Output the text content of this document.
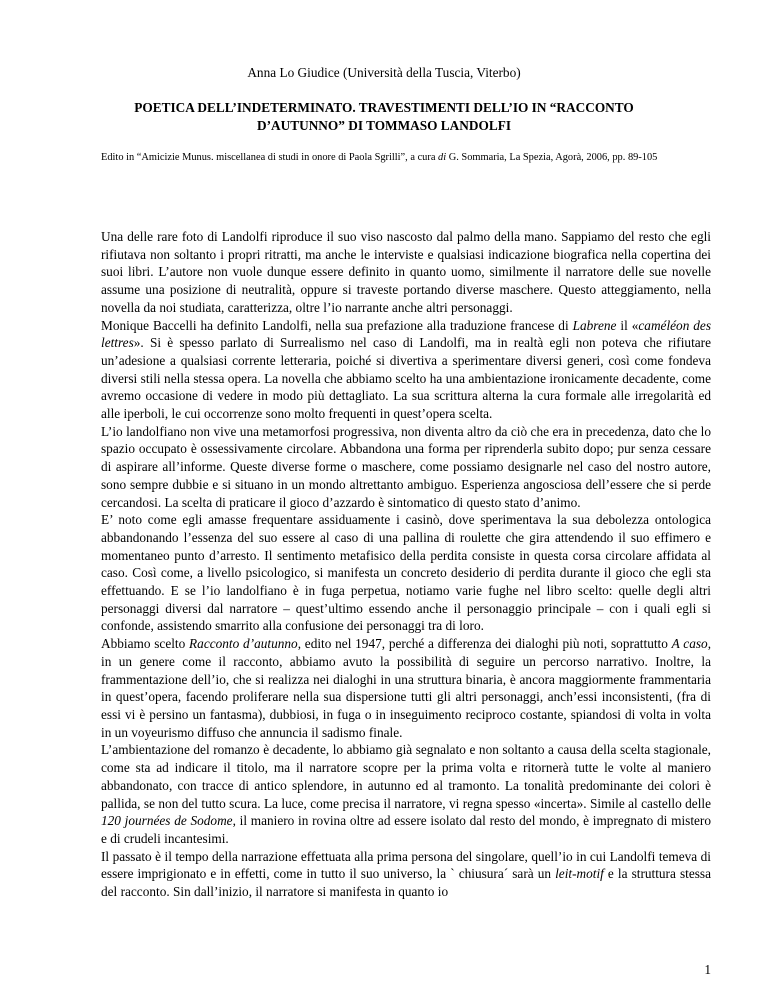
Anna Lo Giudice (Università della Tuscia, Viterbo)
POETICA DELL’INDETERMINATO. TRAVESTIMENTI DELL’IO IN “RACCONTO D’AUTUNNO” DI TOMMASO LANDOLFI
Edito in “Amicizie Munus. miscellanea di studi in onore di Paola Sgrilli”, a cura di G. Sommaria, La Spezia, Agorà, 2006, pp. 89-105

Una delle rare foto di Landolfi riproduce il suo viso nascosto dal palmo della mano. Sappiamo del resto che egli rifiutava non soltanto i propri ritratti, ma anche le interviste e qualsiasi indicazione biografica nella copertina dei suoi libri. L’autore non vuole dunque essere definito in quanto uomo, similmente il narratore delle sue novelle assume una posizione di neutralità, oppure si traveste portando diverse maschere. Questo atteggiamento, nella novella da noi studiata, caratterizza, oltre l’io narrante anche altri personaggi.

Monique Baccelli ha definito Landolfi, nella sua prefazione alla traduzione francese di Labrene il «caméléon des lettres». Si è spesso parlato di Surrealismo nel caso di Landolfi, ma in realtà egli non poteva che rifiutare un’adesione a qualsiasi corrente letteraria, poiché si divertiva a sperimentare diversi generi, così come fondeva diversi stili nella stessa opera. La novella che abbiamo scelto ha una ambientazione ironicamente decadente, come avremo occasione di vedere in modo più dettagliato. La sua scrittura alterna la cura formale alle irregolarità ed alle iperboli, le cui occorrenze sono molto frequenti in quest’opera scelta.

L’io landolfiano non vive una metamorfosi progressiva, non diventa altro da ciò che era in precedenza, dato che lo spazio occupato è ossessivamente circolare. Abbandona una forma per riprenderla subito dopo; pur senza cessare di aspirare all’informe. Queste diverse forme o maschere, come possiamo designarle nel caso del nostro autore, sono sempre dubbie e si situano in un mondo altrettanto ambiguo. Esperienza angosciosa dell’essere che si perde cercandosi. La scelta di praticare il gioco d’azzardo è sintomatico di questo stato d’animo.

E’ noto come egli amasse frequentare assiduamente i casinò, dove sperimentava la sua debolezza ontologica abbandonando l’essenza del suo essere al caso di una pallina di roulette che gira attendendo il suo effimero e momentaneo punto d’arresto. Il sentimento metafisico della perdita consiste in questa corsa circolare affidata al caso. Così come, a livello psicologico, si manifesta un concreto desiderio di perdita durante il gioco che egli sta effettuando. E se l’io landolfiano è in fuga perpetua, notiamo varie fughe nel libro scelto: quelle degli altri personaggi diversi dal narratore – quest’ultimo essendo anche il personaggio principale – con i quali egli si confonde, assistendo smarrito alla confusione dei personaggi tra di loro.

Abbiamo scelto Racconto d’autunno, edito nel 1947, perché a differenza dei dialoghi più noti, soprattutto A caso, in un genere come il racconto, abbiamo avuto la possibilità di seguire un percorso narrativo. Inoltre, la frammentazione dell’io, che si realizza nei dialoghi in una struttura binaria, è ancora maggiormente frammentaria in quest’opera, facendo proliferare nella sua dispersione tutti gli altri personaggi, anch’essi inconsistenti, (fra di essi vi è persino un fantasma), dubbiosi, in fuga o in inseguimento reciproco costante, spiandosi di volta in volta in un voyeurismo diffuso che annuncia il sadismo finale.

L’ambientazione del romanzo è decadente, lo abbiamo già segnalato e non soltanto a causa della scelta stagionale, come sta ad indicare il titolo, ma il narratore scopre per la prima volta e ritornerà tutte le volte al maniero abbandonato, con tracce di antico splendore, in autunno ed al tramonto. La tonalità predominante dei colori è pallida, se non del tutto scura. La luce, come precisa il narratore, vi regna spesso «incerta». Simile al castello delle 120 journées de Sodome, il maniero in rovina oltre ad essere isolato dal resto del mondo, è impregnato di mistero e di crudeli incantesimi.

Il passato è il tempo della narrazione effettuata alla prima persona del singolare, quell’io in cui Landolfi temeva di essere imprigionato e in effetti, come in tutto il suo universo, la ` chiusura´ sarà un leit-motif e la struttura stessa del racconto. Sin dall’inizio, il narratore si manifesta in quanto io

1
